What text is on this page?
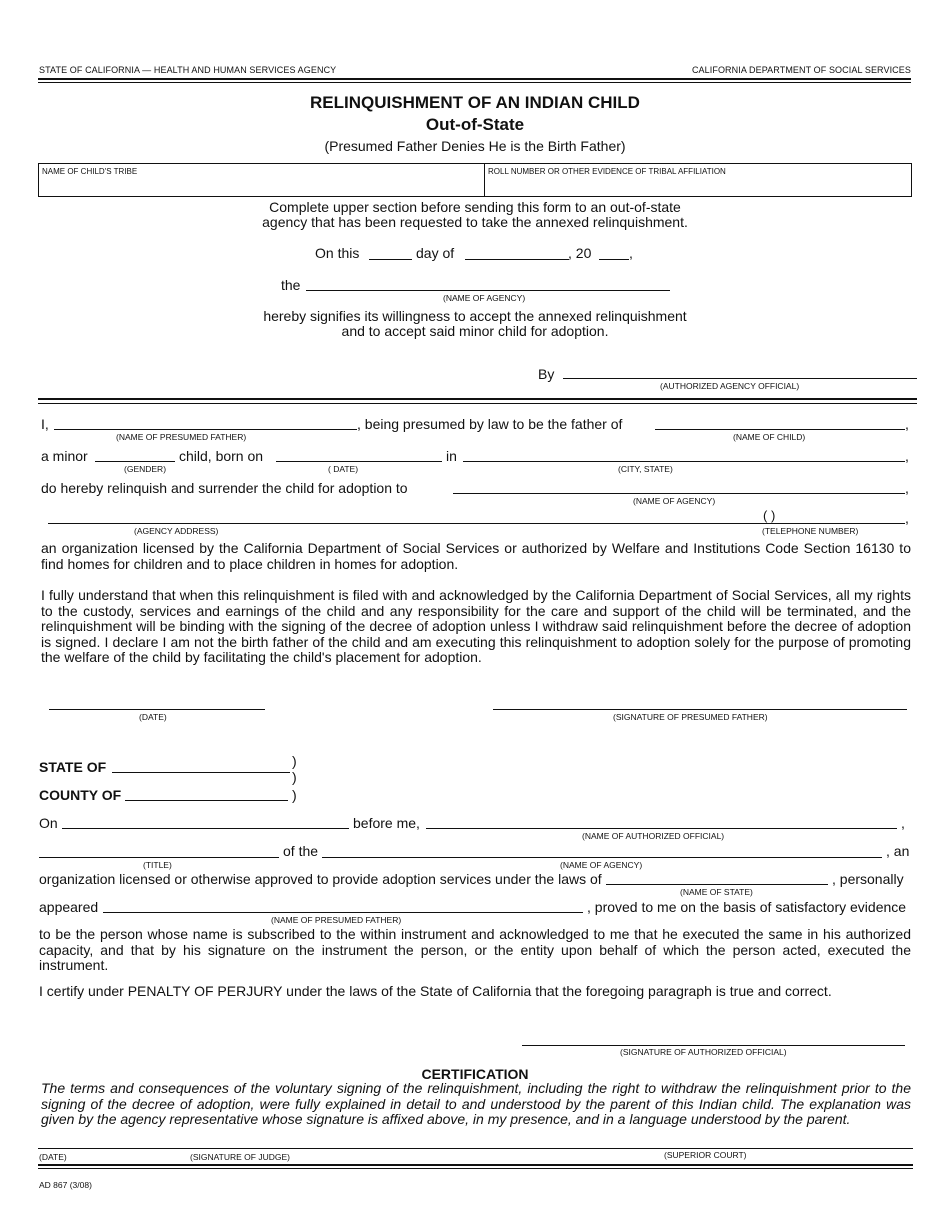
STATE OF CALIFORNIA — HEALTH AND HUMAN SERVICES AGENCY	CALIFORNIA DEPARTMENT OF SOCIAL SERVICES
RELINQUISHMENT OF AN INDIAN CHILD
Out-of-State
(Presumed Father Denies He is the Birth Father)
NAME OF CHILD'S TRIBE	ROLL NUMBER OR OTHER EVIDENCE OF TRIBAL AFFILIATION
Complete upper section before sending this form to an out-of-state
agency that has been requested to take the annexed relinquishment.
On this	day of	, 20	,
the
(NAME OF AGENCY)
hereby signifies its willingness to accept the annexed relinquishment
and to accept said minor child for adoption.
By
(AUTHORIZED AGENCY OFFICIAL)
I,
(NAME OF PRESUMED FATHER)
, being presumed by law to be the father of
(NAME OF CHILD)
,
a minor
(GENDER)
child, born on
( DATE)
in
(CITY, STATE)
,
do hereby relinquish and surrender the child for adoption to
(NAME OF AGENCY)
,
(AGENCY ADDRESS)
( )
(TELEPHONE NUMBER)
,
an organization licensed by the California Department of Social Services or authorized by Welfare and Institutions Code Section 16130 to find homes for children and to place children in homes for adoption.
I fully understand that when this relinquishment is filed with and acknowledged by the California Department of Social Services, all my rights to the custody, services and earnings of the child and any responsibility for the care and support of the child will be terminated, and the relinquishment will be binding with the signing of the decree of adoption unless I withdraw said relinquishment before the decree of adoption is signed. I declare I am not the birth father of the child and am executing this relinquishment to adoption solely for the purpose of promoting the welfare of the child by facilitating the child's placement for adoption.
(DATE)	(SIGNATURE OF PRESUMED FATHER)
STATE OF	)
)
COUNTY OF	)
On	before me,
(NAME OF AUTHORIZED OFFICIAL)
,
(TITLE)
of the
(NAME OF AGENCY)
, an
organization licensed or otherwise approved to provide adoption services under the laws of
(NAME OF STATE)
, personally
appeared
(NAME OF PRESUMED FATHER)
, proved to me on the basis of satisfactory evidence
to be the person whose name is subscribed to the within instrument and acknowledged to me that he executed the same in his authorized capacity, and that by his signature on the instrument the person, or the entity upon behalf of which the person acted, executed the instrument.
I certify under PENALTY OF PERJURY under the laws of the State of California that the foregoing paragraph is true and correct.
(SIGNATURE OF AUTHORIZED OFFICIAL)
CERTIFICATION
The terms and consequences of the voluntary signing of the relinquishment, including the right to withdraw the relinquishment prior to the signing of the decree of adoption, were fully explained in detail to and understood by the parent of this Indian child. The explanation was given by the agency representative whose signature is affixed above, in my presence, and in a language understood by the parent.
(DATE)	(SIGNATURE OF JUDGE)	(SUPERIOR COURT)
AD 867 (3/08)
